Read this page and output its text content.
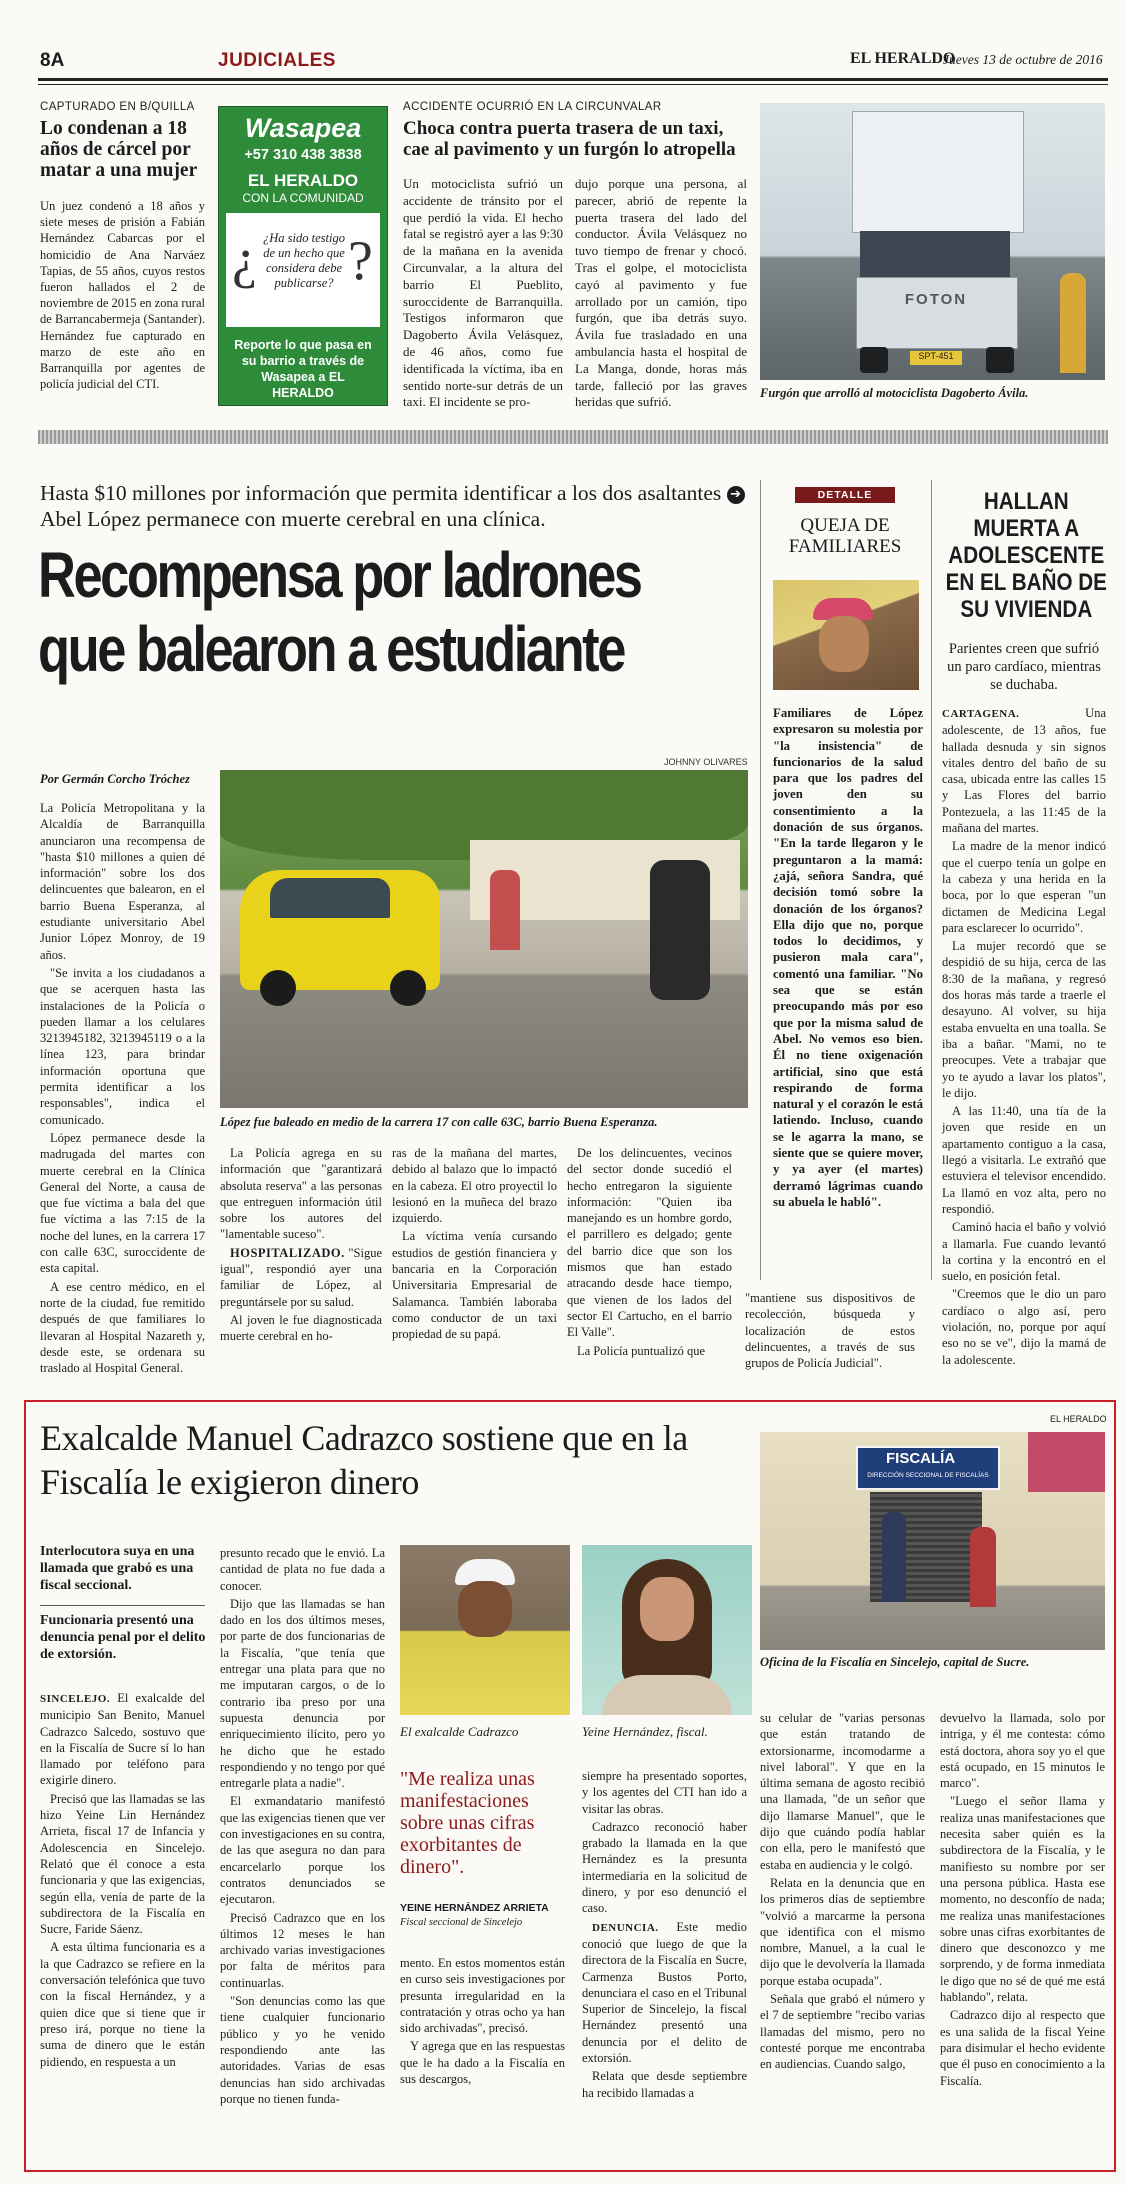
8A	JUDICIALES	EL HERALDO
Jueves 13 de octubre de 2016
CAPTURADO EN B/QUILLA
Lo condenan a 18 años de cárcel por matar a una mujer

Un juez condenó a 18 años y siete meses de prisión a Fabián Hernández Cabarcas por el homicidio de Ana Narváez Tapias, de 55 años, cuyos restos fueron hallados el 2 de noviembre de 2015 en zona rural de Barrancabermeja (Santander). Hernández fue capturado en marzo de este año en Barranquilla por agentes de policía judicial del CTI.

Wasapea
+57 310 438 3838
EL HERALDO
CON LA COMUNIDAD
¿ ¿Ha sido testigo de un hecho que considera debe publicarse? ?
Reporte lo que pasa en su barrio a través de Wasapea a EL HERALDO
ACCIDENTE OCURRIÓ EN LA CIRCUNVALAR
Choca contra puerta trasera de un taxi, cae al pavimento y un furgón lo atropella

Un motociclista sufrió un accidente de tránsito por el que perdió la vida. El hecho fatal se registró ayer a las 9:30 de la mañana en la avenida Circunvalar, a la altura del barrio El Pueblito, suroccidente de Barranquilla. Testigos informaron que Dagoberto Ávila Velásquez, de 46 años, como fue identificada la víctima, iba en sentido norte-sur detrás de un taxi. El incidente se pro-

dujo porque una persona, al parecer, abrió de repente la puerta trasera del lado del conductor. Ávila Velásquez no tuvo tiempo de frenar y chocó. Tras el golpe, el motociclista cayó al pavimento y fue arrollado por un camión, tipo furgón, que iba detrás suyo. Ávila fue trasladado en una ambulancia hasta el hospital de La Manga, donde, horas más tarde, falleció por las graves heridas que sufrió.

FOTON
SPT-451
Furgón que arrolló al motociclista Dagoberto Ávila.
Hasta $10 millones por información que permita identificar a los dos asaltantes ➔ Abel López permanece con muerte cerebral en una clínica.
Recompensa por ladrones
que balearon a estudiante
Por Germán Corcho Tróchez
JOHNNY OLIVARES
López fue baleado en medio de la carrera 17 con calle 63C, barrio Buena Esperanza.

La Policía Metropolitana y la Alcaldía de Barranquilla anunciaron una recompensa de "hasta $10 millones a quien dé información" sobre los dos delincuentes que balearon, en el barrio Buena Esperanza, al estudiante universitario Abel Junior López Monroy, de 19 años.

"Se invita a los ciudadanos a que se acerquen hasta las instalaciones de la Policía o pueden llamar a los celulares 3213945182, 3213945119 o a la línea 123, para brindar información oportuna que permita identificar a los responsables", indica el comunicado.

López permanece desde la madrugada del martes con muerte cerebral en la Clínica General del Norte, a causa de que fue víctima a bala del que fue víctima a las 7:15 de la noche del lunes, en la carrera 17 con calle 63C, suroccidente de esta capital.

A ese centro médico, en el norte de la ciudad, fue remitido después de que familiares lo llevaran al Hospital Nazareth y, desde este, se ordenara su traslado al Hospital General.

La Policía agrega en su información que "garantizará absoluta reserva" a las personas que entreguen información útil sobre los autores del "lamentable suceso".

HOSPITALIZADO. "Sigue igual", respondió ayer una familiar de López, al preguntársele por su salud.

Al joven le fue diagnosticada muerte cerebral en ho-

ras de la mañana del martes, debido al balazo que lo impactó en la cabeza. El otro proyectil lo lesionó en la muñeca del brazo izquierdo.

La víctima venía cursando estudios de gestión financiera y bancaria en la Corporación Universitaria Empresarial de Salamanca. También laboraba como conductor de un taxi propiedad de su papá.

De los delincuentes, vecinos del sector donde sucedió el hecho entregaron la siguiente información: "Quien iba manejando es un hombre gordo, el parrillero es delgado; gente del barrio dice que son los mismos que han estado atracando desde hace tiempo, que vienen de los lados del sector El Cartucho, en el barrio El Valle".

La Policía puntualizó que

"mantiene sus dispositivos de recolección, búsqueda y localización de estos delincuentes, a través de sus grupos de Policía Judicial".

DETALLE
QUEJA DE FAMILIARES
Familiares de López expresaron su molestia por "la insistencia" de funcionarios de la salud para que los padres del joven den su consentimiento a la donación de sus órganos. "En la tarde llegaron y le preguntaron a la mamá: ¿ajá, señora Sandra, qué decisión tomó sobre la donación de los órganos? Ella dijo que no, porque todos lo decidimos, y pusieron mala cara", comentó una familiar. "No sea que se están preocupando más por eso que por la misma salud de Abel. No vemos eso bien. Él no tiene oxigenación artificial, sino que está respirando de forma natural y el corazón le está latiendo. Incluso, cuando se le agarra la mano, se siente que se quiere mover, y ya ayer (el martes) derramó lágrimas cuando su abuela le habló".
HALLAN MUERTA A ADOLESCENTE EN EL BAÑO DE SU VIVIENDA
Parientes creen que sufrió un paro cardíaco, mientras se duchaba.

CARTAGENA.	Una adolescente, de 13 años, fue hallada desnuda y sin signos vitales dentro del baño de su casa, ubicada entre las calles 15 y Las Flores del barrio Pontezuela, a las 11:45 de la mañana del martes.

La madre de la menor indicó que el cuerpo tenía un golpe en la cabeza y una herida en la boca, por lo que esperan "un dictamen de Medicina Legal para esclarecer lo ocurrido".

La mujer recordó que se despidió de su hija, cerca de las 8:30 de la mañana, y regresó dos horas más tarde a traerle el desayuno. Al volver, su hija estaba envuelta en una toalla. Se iba a bañar. "Mami, no te preocupes. Vete a trabajar que yo te ayudo a lavar los platos", le dijo.

A las 11:40, una tía de la joven que reside en un apartamento contiguo a la casa, llegó a visitarla. Le extrañó que estuviera el televisor encendido. La llamó en voz alta, pero no respondió.

Caminó hacia el baño y volvió a llamarla. Fue cuando levantó la cortina y la encontró en el suelo, en posición fetal.

"Creemos que le dio un paro cardíaco o algo así, pero violación, no, porque por aquí eso no se ve", dijo la mamá de la adolescente.

Exalcalde Manuel Cadrazco sostiene que en la Fiscalía le exigieron dinero
EL HERALDO
Interlocutora suya en una llamada que grabó es una fiscal seccional.
Funcionaria presentó una denuncia penal por el delito de extorsión.

SINCELEJO. El exalcalde del municipio San Benito, Manuel Cadrazco Salcedo, sostuvo que en la Fiscalía de Sucre sí lo han llamado por teléfono para exigirle dinero.

Precisó que las llamadas se las hizo Yeine Lin Hernández Arrieta, fiscal 17 de Infancia y Adolescencia en Sincelejo. Relató que él conoce a esta funcionaria y que las exigencias, según ella, venía de parte de la subdirectora de la Fiscalía en Sucre, Faride Sáenz.

A esta última funcionaria es a la que Cadrazco se refiere en la conversación telefónica que tuvo con la fiscal Hernández, y a quien dice que si tiene que ir preso irá, porque no tiene la suma de dinero que le están pidiendo, en respuesta a un

presunto recado que le envió. La cantidad de plata no fue dada a conocer.

Dijo que las llamadas se han dado en los dos últimos meses, por parte de dos funcionarias de la Fiscalía, "que tenía que entregar una plata para que no me imputaran cargos, o de lo contrario iba preso por una supuesta denuncia por enriquecimiento ilícito, pero yo he dicho que he estado respondiendo y no tengo por qué entregarle plata a nadie".

El exmandatario manifestó que las exigencias tienen que ver con investigaciones en su contra, de las que asegura no dan para encarcelarlo porque los contratos denunciados se ejecutaron.

Precisó Cadrazco que en los últimos 12 meses le han archivado varias investigaciones por falta de méritos para continuarlas.

"Son denuncias como las que tiene cualquier funcionario público y yo he venido respondiendo ante las autoridades. Varias de esas denuncias han sido archivadas porque no tienen funda-

El exalcalde Cadrazco	Yeine Hernández, fiscal.
"Me realiza unas manifestaciones sobre unas cifras exorbitantes de dinero".
YEINE HERNÁNDEZ ARRIETA
Fiscal seccional de Sincelejo

mento. En estos momentos están en curso seis investigaciones por presunta irregularidad en la contratación y otras ocho ya han sido archivadas", precisó.

Y agrega que en las respuestas que le ha dado a la Fiscalía en sus descargos,

siempre ha presentado soportes, y los agentes del CTI han ido a visitar las obras.

Cadrazco reconoció haber grabado la llamada en la que Hernández es la presunta intermediaria en la solicitud de dinero, y por eso denunció el caso.

DENUNCIA. Este medio conoció que luego de que la directora de la Fiscalía en Sucre, Carmenza Bustos Porto, denunciara el caso en el Tribunal Superior de Sincelejo, la fiscal Hernández presentó una denuncia por el delito de extorsión.

Relata que desde septiembre ha recibido llamadas a

FISCALÍA
DIRECCIÓN SECCIONAL DE FISCALÍAS
Oficina de la Fiscalía en Sincelejo, capital de Sucre.

su celular de "varias personas que están tratando de extorsionarme, incomodarme a nivel laboral". Y que en la última semana de agosto recibió una llamada, "de un señor que dijo llamarse Manuel", que le dijo que cuándo podía hablar con ella, pero le manifestó que estaba en audiencia y le colgó.

Relata en la denuncia que en los primeros días de septiembre "volvió a marcarme la persona que identifica con el mismo nombre, Manuel, a la cual le dijo que le devolvería la llamada porque estaba ocupada".

Señala que grabó el número y el 7 de septiembre "recibo varias llamadas del mismo, pero no contesté porque me encontraba en audiencias. Cuando salgo,

devuelvo la llamada, solo por intriga, y él me contesta: cómo está doctora, ahora soy yo el que está ocupado, en 15 minutos le marco".

"Luego el señor llama y realiza unas manifestaciones que necesita saber quién es la subdirectora de la Fiscalía, y le manifiesto su nombre por ser una persona pública. Hasta ese momento, no desconfío de nada; me realiza unas manifestaciones sobre unas cifras exorbitantes de dinero que desconozco y me sorprendo, y de forma inmediata le digo que no sé de qué me está hablando", relata.

Cadrazco dijo al respecto que es una salida de la fiscal Yeine para disimular el hecho evidente que él puso en conocimiento a la Fiscalía.
